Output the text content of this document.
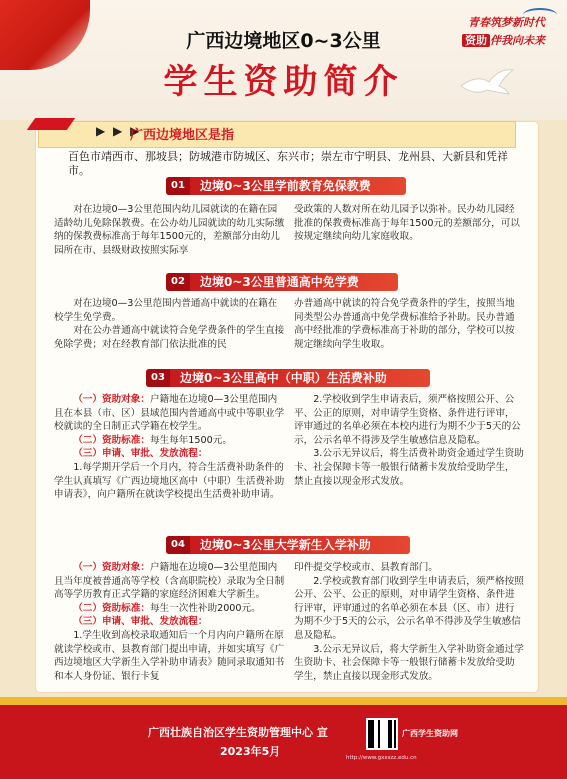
青春筑梦新时代
资助 伴我向未来
广西边境地区0~3公里
学生资助简介
▶ ▶ ▶
广西边境地区是指
百色市靖西市、那坡县；防城港市防城区、东兴市；崇左市宁明县、龙州县、大新县和凭祥市。
01	边境0~3公里学前教育免保教费

对在边境0—3公里范围内幼儿园就读的在籍在园适龄幼儿免除保教费。在公办幼儿园就读的幼儿实际缴纳的保教费标准高于每年1500元的，差额部分由幼儿园所在市、县级财政按照实际享

受政策的人数对所在幼儿园予以弥补。民办幼儿园经批准的保教费标准高于每年1500元的差额部分，可以按规定继续向幼儿家庭收取。

02	边境0~3公里普通高中免学费

对在边境0—3公里范围内普通高中就读的在籍在校学生免学费。

对在公办普通高中就读符合免学费条件的学生直接免除学费；对在经教育部门依法批准的民

办普通高中就读的符合免学费条件的学生，按照当地同类型公办普通高中免学费标准给予补助。民办普通高中经批准的学费标准高于补助的部分，学校可以按规定继续向学生收取。

03	边境0~3公里高中（中职）生活费补助

（一）资助对象：户籍地在边境0—3公里范围内且在本县（市、区）县域范围内普通高中或中等职业学校就读的全日制正式学籍在校学生。

（二）资助标准：每生每年1500元。

（三）申请、审批、发放流程：

1.每学期开学后一个月内，符合生活费补助条件的学生认真填写《广西边境地区高中（中职）生活费补助申请表》，向户籍所在就读学校提出生活费补助申请。

2.学校收到学生申请表后，须严格按照公开、公平、公正的原则，对申请学生资格、条件进行评审，评审通过的名单必须在本校内进行为期不少于5天的公示，公示名单不得涉及学生敏感信息及隐私。

3.公示无异议后，将生活费补助资金通过学生资助卡、社会保障卡等一般银行储蓄卡发放给受助学生，禁止直接以现金形式发放。

04	边境0~3公里大学新生入学补助

（一）资助对象：户籍地在边境0—3公里范围内且当年度被普通高等学校（含高职院校）录取为全日制高等学历教育正式学籍的家庭经济困难大学新生。

（二）资助标准：每生一次性补助2000元。

（三）申请、审批、发放流程：

1.学生收到高校录取通知后一个月内向户籍所在原就读学校或市、县教育部门提出申请，并如实填写《广西边境地区大学新生入学补助申请表》随同录取通知书和本人身份证、银行卡复

印件提交学校或市、县教育部门。

2.学校或教育部门收到学生申请表后，须严格按照公开、公平、公正的原则，对申请学生资格、条件进行评审，评审通过的名单必须在本县（区、市）进行为期不少于5天的公示，公示名单不得涉及学生敏感信息及隐私。

3.公示无异议后，将大学新生入学补助资金通过学生资助卡、社会保障卡等一般银行储蓄卡发放给受助学生，禁止直接以现金形式发放。

广西壮族自治区学生资助管理中心 宣
2023年5月
广西学生资助网
http://www.gxxszz.edu.cn
